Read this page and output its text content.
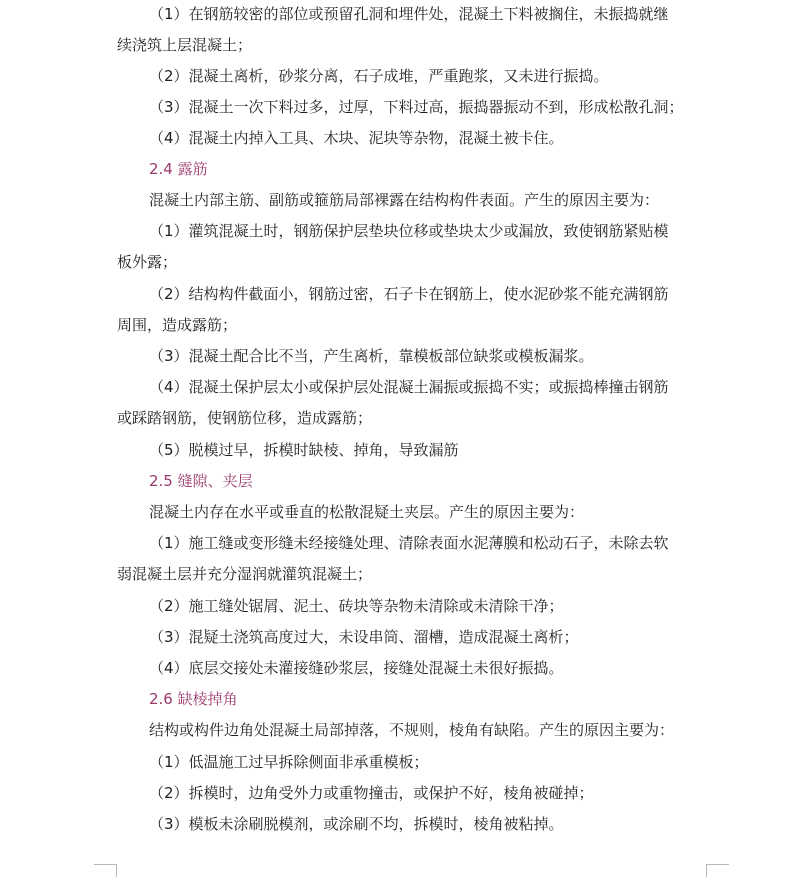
（1）在钢筋较密的部位或预留孔洞和埋件处，混凝土下料被搁住，未振捣就继
续浇筑上层混凝土；
（2）混凝土离析，砂浆分离，石子成堆，严重跑浆，又未进行振捣。
（3）混凝土一次下料过多，过厚，下料过高，振捣器振动不到，形成松散孔洞；
（4）混凝土内掉入工具、木块、泥块等杂物，混凝土被卡住。
2.4 露筋
混凝土内部主筋、副筋或箍筋局部裸露在结构构件表面。产生的原因主要为：
（1）灌筑混凝土时，钢筋保护层垫块位移或垫块太少或漏放，致使钢筋紧贴模
板外露；
（2）结构构件截面小，钢筋过密，石子卡在钢筋上，使水泥砂浆不能充满钢筋
周围，造成露筋；
（3）混凝土配合比不当，产生离析，靠模板部位缺浆或模板漏浆。
（4）混凝土保护层太小或保护层处混凝土漏振或振捣不实；或振捣棒撞击钢筋
或踩踏钢筋，使钢筋位移，造成露筋；
（5）脱模过早，拆模时缺棱、掉角，导致漏筋
2.5 缝隙、夹层
混凝土内存在水平或垂直的松散混疑土夹层。产生的原因主要为：
（1）施工缝或变形缝未经接缝处理、清除表面水泥薄膜和松动石子，未除去软
弱混凝土层并充分湿润就灌筑混凝土；
（2）施工缝处锯屑、泥土、砖块等杂物未清除或未清除干净；
（3）混疑土浇筑高度过大，未设串筒、溜槽，造成混凝土离析；
（4）底层交接处未灌接缝砂浆层，接缝处混凝土未很好振捣。
2.6 缺棱掉角
结构或构件边角处混凝土局部掉落，不规则，棱角有缺陷。产生的原因主要为：
（1）低温施工过早拆除侧面非承重模板；
（2）拆模时，边角受外力或重物撞击，或保护不好，棱角被碰掉；
（3）模板未涂刷脱模剂，或涂刷不均，拆模时，棱角被粘掉。
